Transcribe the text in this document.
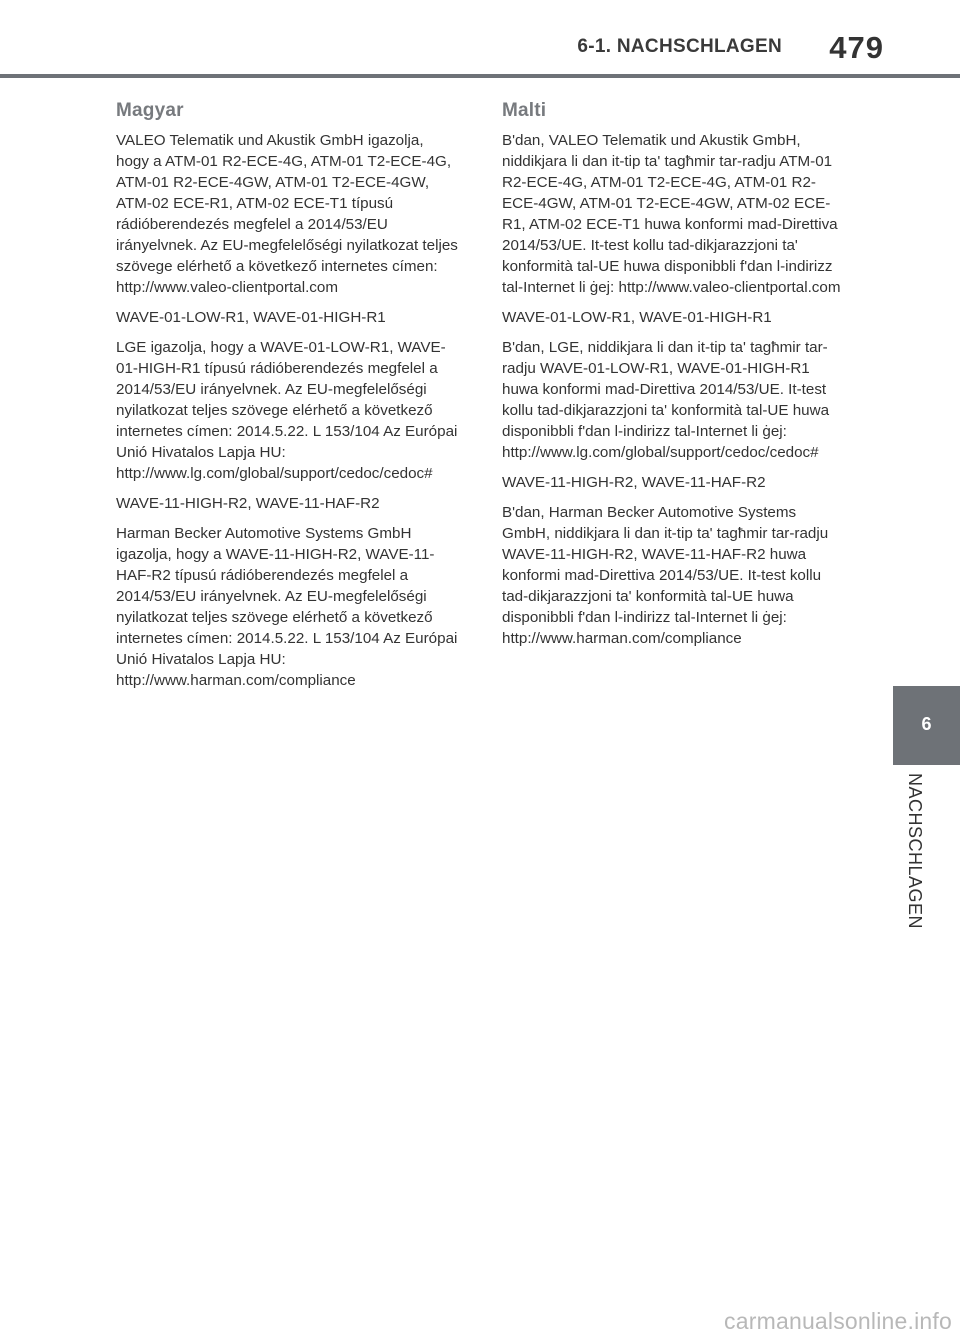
6-1. NACHSCHLAGEN 479
Magyar

VALEO Telematik und Akustik GmbH igazolja, hogy a ATM-01 R2-ECE-4G, ATM-01 T2-ECE-4G, ATM-01 R2-ECE-4GW, ATM-01 T2-ECE-4GW, ATM-02 ECE-R1, ATM-02 ECE-T1 típusú rádióberendezés megfelel a 2014/53/EU irányelvnek. Az EU-megfelelőségi nyilatkozat teljes szövege elérhető a következő internetes címen: http://www.valeo-clientportal.com

WAVE-01-LOW-R1, WAVE-01-HIGH-R1

LGE igazolja, hogy a WAVE-01-LOW-R1, WAVE-01-HIGH-R1 típusú rádióberendezés megfelel a 2014/53/EU irányelvnek. Az EU-megfelelőségi nyilatkozat teljes szövege elérhető a következő internetes címen: 2014.5.22. L 153/104 Az Európai Unió Hivatalos Lapja HU: http://www.lg.com/global/support/cedoc/cedoc#

WAVE-11-HIGH-R2, WAVE-11-HAF-R2

Harman Becker Automotive Systems GmbH igazolja, hogy a WAVE-11-HIGH-R2, WAVE-11-HAF-R2 típusú rádióberendezés megfelel a 2014/53/EU irányelvnek. Az EU-megfelelőségi nyilatkozat teljes szövege elérhető a következő internetes címen: 2014.5.22. L 153/104 Az Európai Unió Hivatalos Lapja HU: http://www.harman.com/compliance

Malti

B'dan, VALEO Telematik und Akustik GmbH, niddikjara li dan it-tip ta' tagħmir tar-radju ATM-01 R2-ECE-4G, ATM-01 T2-ECE-4G, ATM-01 R2-ECE-4GW, ATM-01 T2-ECE-4GW, ATM-02 ECE-R1, ATM-02 ECE-T1 huwa konformi mad-Direttiva 2014/53/UE. It-test kollu tad-dikjarazzjoni ta' konformità tal-UE huwa disponibbli f'dan l-indirizz tal-Internet li ġej: http://www.valeo-clientportal.com

WAVE-01-LOW-R1, WAVE-01-HIGH-R1

B'dan, LGE, niddikjara li dan it-tip ta' tagħmir tar-radju WAVE-01-LOW-R1, WAVE-01-HIGH-R1 huwa konformi mad-Direttiva 2014/53/UE. It-test kollu tad-dikjarazzjoni ta' konformità tal-UE huwa disponibbli f'dan l-indirizz tal-Internet li ġej: http://www.lg.com/global/support/cedoc/cedoc#

WAVE-11-HIGH-R2, WAVE-11-HAF-R2

B'dan, Harman Becker Automotive Systems GmbH, niddikjara li dan it-tip ta' tagħmir tar-radju WAVE-11-HIGH-R2, WAVE-11-HAF-R2 huwa konformi mad-Direttiva 2014/53/UE. It-test kollu tad-dikjarazzjoni ta' konformità tal-UE huwa disponibbli f'dan l-indirizz tal-Internet li ġej: http://www.harman.com/compliance

6
NACHSCHLAGEN
carmanualsonline.info
